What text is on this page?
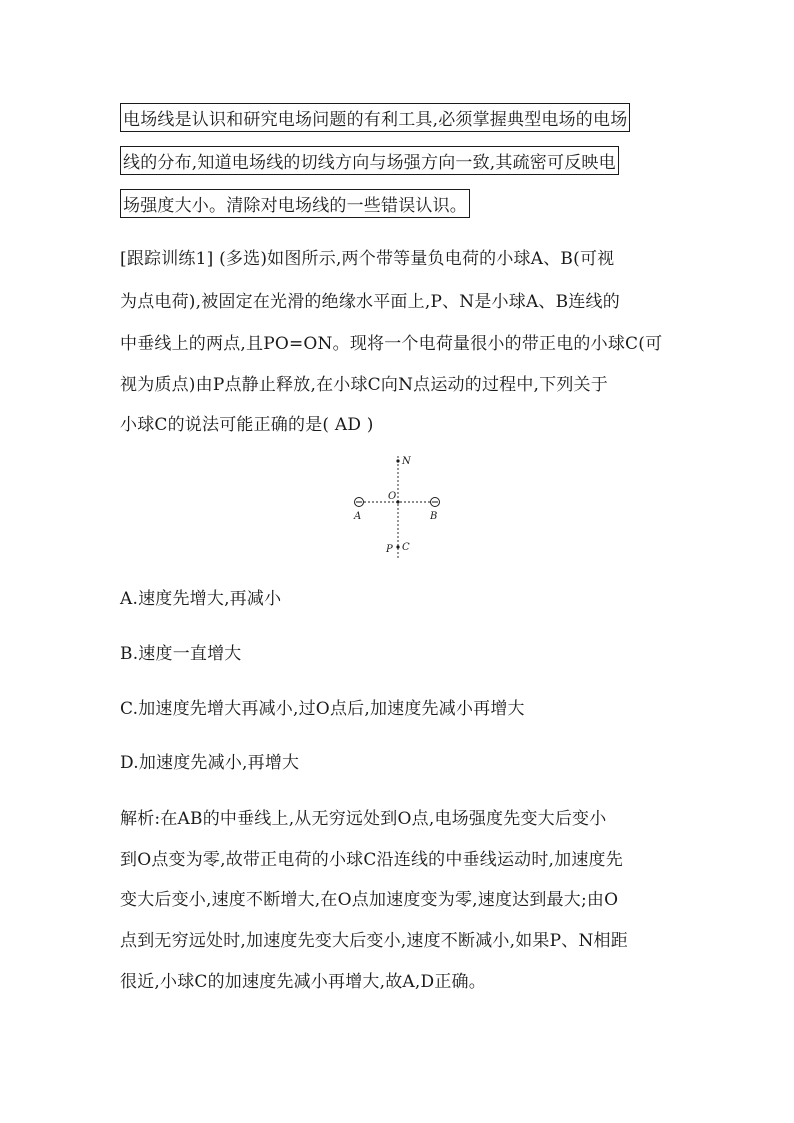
电场线是认识和研究电场问题的有利工具,必须掌握典型电场的电场
线的分布,知道电场线的切线方向与场强方向一致,其疏密可反映电
场强度大小。清除对电场线的一些错误认识。
[跟踪训练1] (多选)如图所示,两个带等量负电荷的小球A、B(可视
为点电荷),被固定在光滑的绝缘水平面上,P、N是小球A、B连线的
中垂线上的两点,且PO=ON。现将一个电荷量很小的带正电的小球C(可
视为质点)由P点静止释放,在小球C向N点运动的过程中,下列关于
小球C的说法可能正确的是( AD )
N
O
A	B
P C
A.速度先增大,再减小
B.速度一直增大
C.加速度先增大再减小,过O点后,加速度先减小再增大
D.加速度先减小,再增大
解析:在AB的中垂线上,从无穷远处到O点,电场强度先变大后变小
到O点变为零,故带正电荷的小球C沿连线的中垂线运动时,加速度先
变大后变小,速度不断增大,在O点加速度变为零,速度达到最大;由O
点到无穷远处时,加速度先变大后变小,速度不断减小,如果P、N相距
很近,小球C的加速度先减小再增大,故A,D正确。
